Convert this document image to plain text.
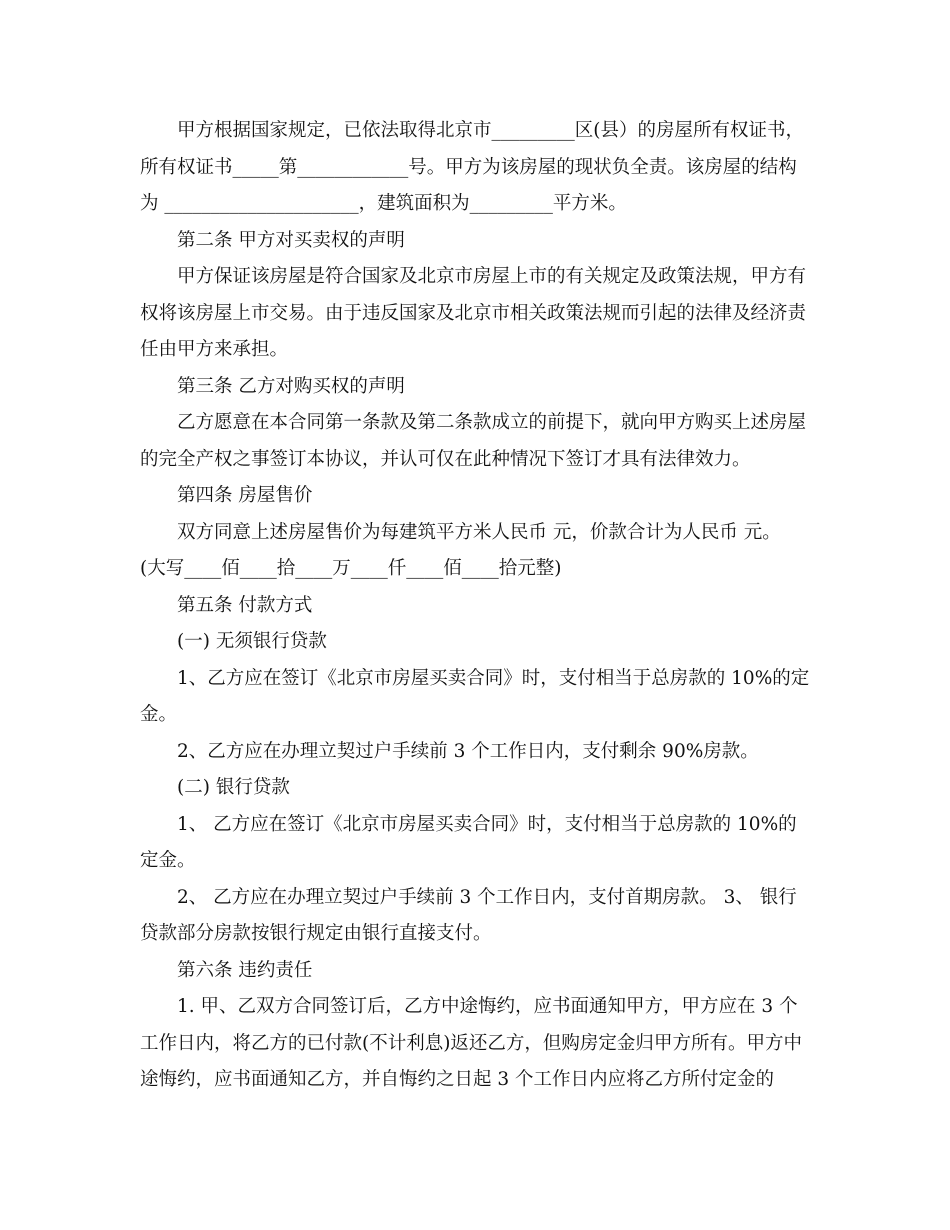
甲方根据国家规定，已依法取得北京市_________区(县）的房屋所有权证书，所有权证书_____第____________号。甲方为该房屋的现状负全责。该房屋的结构为 _____________________，建筑面积为_________平方米。

第二条 甲方对买卖权的声明

甲方保证该房屋是符合国家及北京市房屋上市的有关规定及政策法规，甲方有权将该房屋上市交易。由于违反国家及北京市相关政策法规而引起的法律及经济责任由甲方来承担。

第三条 乙方对购买权的声明

乙方愿意在本合同第一条款及第二条款成立的前提下，就向甲方购买上述房屋的完全产权之事签订本协议，并认可仅在此种情况下签订才具有法律效力。

第四条 房屋售价

双方同意上述房屋售价为每建筑平方米人民币 元，价款合计为人民币 元。

(大写____佰____拾____万____仟____佰____拾元整)

第五条 付款方式

(一) 无须银行贷款

1、乙方应在签订《北京市房屋买卖合同》时，支付相当于总房款的 10%的定金。

2、乙方应在办理立契过户手续前 3 个工作日内，支付剩余 90%房款。

(二) 银行贷款

1、 乙方应在签订《北京市房屋买卖合同》时，支付相当于总房款的 10%的定金。

2、 乙方应在办理立契过户手续前 3 个工作日内，支付首期房款。 3、 银行贷款部分房款按银行规定由银行直接支付。

第六条 违约责任

1. 甲、乙双方合同签订后，乙方中途悔约，应书面通知甲方，甲方应在 3 个工作日内，将乙方的已付款(不计利息)返还乙方，但购房定金归甲方所有。甲方中途悔约，应书面通知乙方，并自悔约之日起 3 个工作日内应将乙方所付定金的
